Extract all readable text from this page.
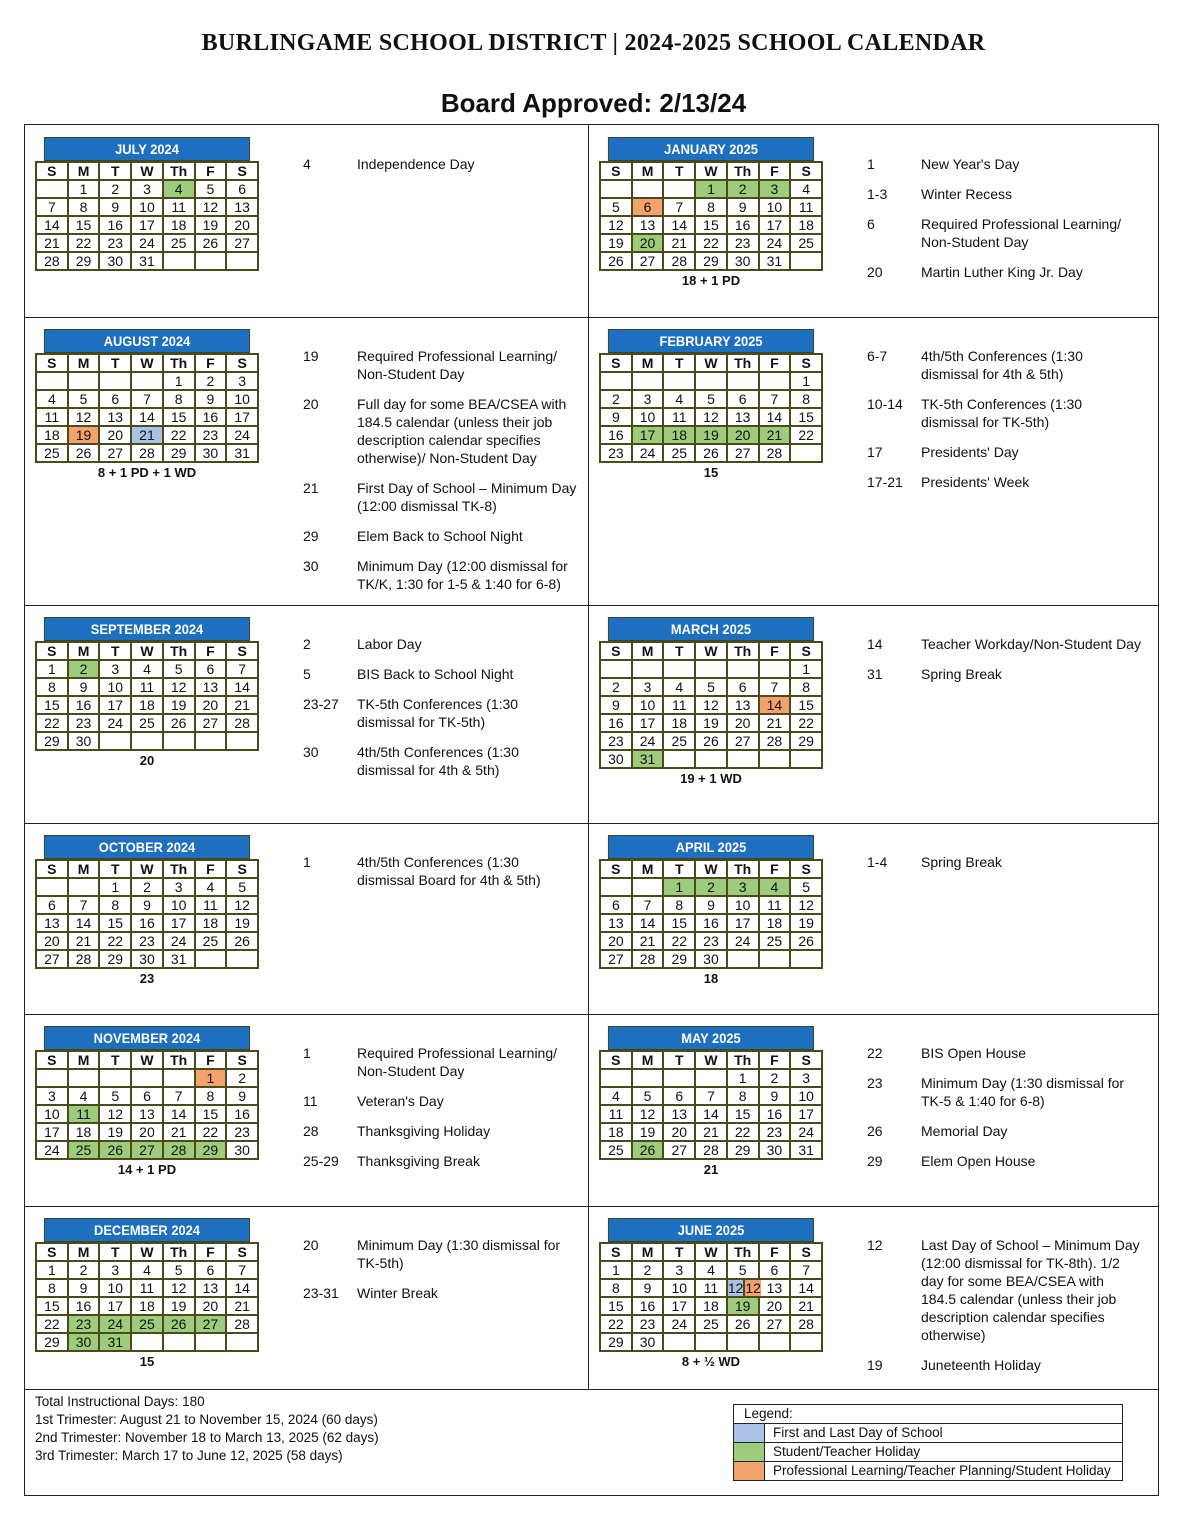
BURLINGAME SCHOOL DISTRICT | 2024-2025 SCHOOL CALENDAR
Board Approved: 2/13/24
JULY 2024
S	M	T	W	Th	F	S
	1	2	3	4	5	6
7	8	9	10	11	12	13
14	15	16	17	18	19	20
21	22	23	24	25	26	27
28	29	30	31			
4	Independence Day
JANUARY 2025
S	M	T	W	Th	F	S
			1	2	3	4
5	6	7	8	9	10	11
12	13	14	15	16	17	18
19	20	21	22	23	24	25
26	27	28	29	30	31	
18 + 1 PD
1	New Year's Day
1-3	Winter Recess
6	Required Professional Learning/ Non-Student Day
20	Martin Luther King Jr. Day
AUGUST 2024
S	M	T	W	Th	F	S
				1	2	3
4	5	6	7	8	9	10
11	12	13	14	15	16	17
18	19	20	21	22	23	24
25	26	27	28	29	30	31
8 + 1 PD + 1 WD
19	Required Professional Learning/ Non-Student Day
20	Full day for some BEA/CSEA with 184.5 calendar (unless their job description calendar specifies otherwise)/ Non-Student Day
21	First Day of School – Minimum Day (12:00 dismissal TK-8)
29	Elem Back to School Night
30	Minimum Day (12:00 dismissal for TK/K, 1:30 for 1-5 & 1:40 for 6-8)
FEBRUARY 2025
S	M	T	W	Th	F	S
						1
2	3	4	5	6	7	8
9	10	11	12	13	14	15
16	17	18	19	20	21	22
23	24	25	26	27	28	
15
6-7	4th/5th Conferences (1:30 dismissal for 4th & 5th)
10-14	TK-5th Conferences (1:30 dismissal for TK-5th)
17	Presidents' Day
17-21	Presidents' Week
SEPTEMBER 2024
S	M	T	W	Th	F	S
1	2	3	4	5	6	7
8	9	10	11	12	13	14
15	16	17	18	19	20	21
22	23	24	25	26	27	28
29	30					
20
2	Labor Day
5	BIS Back to School Night
23-27	TK-5th Conferences (1:30 dismissal for TK-5th)
30	4th/5th Conferences (1:30 dismissal for 4th & 5th)
MARCH 2025
S	M	T	W	Th	F	S
						1
2	3	4	5	6	7	8
9	10	11	12	13	14	15
16	17	18	19	20	21	22
23	24	25	26	27	28	29
30	31					
19 + 1 WD
14	Teacher Workday/Non-Student Day
31	Spring Break
OCTOBER 2024
S	M	T	W	Th	F	S
		1	2	3	4	5
6	7	8	9	10	11	12
13	14	15	16	17	18	19
20	21	22	23	24	25	26
27	28	29	30	31		
23
1	4th/5th Conferences (1:30 dismissal Board for 4th & 5th)
APRIL 2025
S	M	T	W	Th	F	S
		1	2	3	4	5
6	7	8	9	10	11	12
13	14	15	16	17	18	19
20	21	22	23	24	25	26
27	28	29	30			
18
1-4	Spring Break
NOVEMBER 2024
S	M	T	W	Th	F	S
					1	2
3	4	5	6	7	8	9
10	11	12	13	14	15	16
17	18	19	20	21	22	23
24	25	26	27	28	29	30
14 + 1 PD
1	Required Professional Learning/ Non-Student Day
11	Veteran's Day
28	Thanksgiving Holiday
25-29	Thanksgiving Break
MAY 2025
S	M	T	W	Th	F	S
				1	2	3
4	5	6	7	8	9	10
11	12	13	14	15	16	17
18	19	20	21	22	23	24
25	26	27	28	29	30	31
21
22	BIS Open House
23	Minimum Day (1:30 dismissal for TK-5 & 1:40 for 6-8)
26	Memorial Day
29	Elem Open House
DECEMBER 2024
S	M	T	W	Th	F	S
1	2	3	4	5	6	7
8	9	10	11	12	13	14
15	16	17	18	19	20	21
22	23	24	25	26	27	28
29	30	31				
15
20	Minimum Day (1:30 dismissal for TK-5th)
23-31	Winter Break
JUNE 2025
S	M	T	W	Th	F	S
1	2	3	4	5	6	7
8	9	10	11	12 12	13	14
15	16	17	18	19	20	21
22	23	24	25	26	27	28
29	30					
8 + ½ WD
12	Last Day of School – Minimum Day (12:00 dismissal for TK-8th). 1/2 day for some BEA/CSEA with 184.5 calendar (unless their job description calendar specifies otherwise)
19	Juneteenth Holiday
Total Instructional Days: 180
1st Trimester: August 21 to November 15, 2024 (60 days)
2nd Trimester: November 18 to March 13, 2025 (62 days)
3rd Trimester: March 17 to June 12, 2025 (58 days)
Legend:
First and Last Day of School
Student/Teacher Holiday
Professional Learning/Teacher Planning/Student Holiday
